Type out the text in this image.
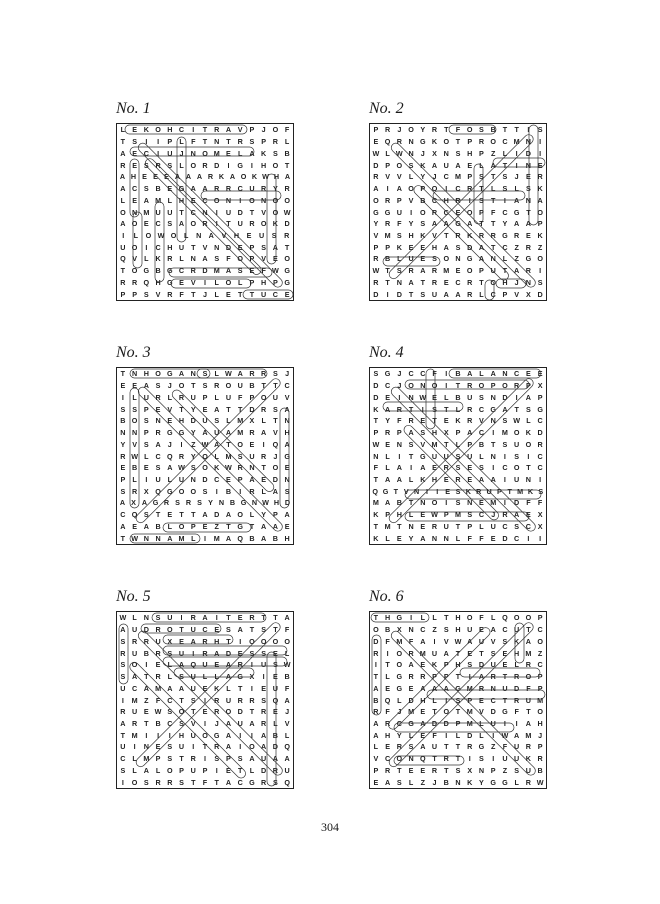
No. 1
L E K O H C	I	T R A V P	J O F
T S	I	I	P L	F	T N T R S P R L
A E C	I	U J N O M E L A K S B
R E S R S L O R D	I	G	I	H O T
A H E E E A A A R K A O K W H A
A C S B E G A A R R C U R Y R
L E A M L H E C O N	I	O N O O
O N M U U T C N	I	U D T V O W
A O E C S A O R	I	T U R O K D
I	L	O W O	L	N	A	V	H	E	U	S	R
U O	I	C H U T V N D E P S A T
Q V L K R L N A S F O P V E O
T O G B G C R D M A S E F W G
R R Q H G E V	I	L O L P H P G
P P S V R F	T	J	L E T	T U C E
No. 2
P R J O Y R T	F O S B T	T	I	S
E Q R N G K O T P R O C M N	I
W L W N J	X N S H P Z	L	I	D	I
D P O S K A U A E L A T	I	N E
R V V L Y	J C M P S T S	J	E R
A	I	A O P O	I	C R T	L S L S K
O R P V B C H R	I	S T	I	A N A
G G U	I	O R C E O P F C G T O
Y R F Y S A A G A T	T Y A A P
V M S H K V T R K R R G R E K
P P K E E H A S D A T C Z R Z
R B L U E S O N G A N L	Z G O
W T S R A R M E O P U T A R	I
R T N A T R E C R T O H J N S
D	I	D T S U A A R L C P V X D
No. 3
T N H O G A N S L W A R R S	J
E E A S	J O T S R O U B T	T C
I	L U R L R U P L U F P O U V
S S P E V T Y E A T	T D R S A
B O S N E H D U S L M X L	T N
N N P R G G Y A U A M R A V H
Y V S A J	I	Z W A T O E	I	Q A
R W L C Q R Y O L M S U R J G
E B E S A W S O K W R N T O E
P L	I	U L U N D C E P A E D N
S R X Q G O O S	I	B	I	R L A S
A X A G R S R S Y N B G N W H D
C Q S T E T	T A D A O L Y P A
A E A B L O P E Z	T G T A A E
T W N N A M L	I	M A Q B A B H
No. 4
S G J C C F	I	B A L A N C E E
D C J O N O	I	T R O P O R P X
D E	I	N W E L B U S N D	I	A P
K A R T	I	S T	L R C G A T S G
T Y F R E T E K R V N S W L C
P R P A S H X P A C	I	M O K D
W E N S V M T	L P B T S U O R
N L	I	T G U U S U L N	I	S	I	C
F	L A	I	A E R S E S	I	C O T C
T A A L K H E R E A A	I	U N	I
Q G T V N I	I E S K R U P T M K S
M A B T N O	I	S N E M	I	D F	F
K P H L E W P M S C J R A E X
T M T N E R U T P L U C S C X
K L E Y A N N L	F	F E D C	I	I
No. 5
W L N S U	I	R A	I	T E R T	T A
A U D R O T U C E S A T S T	F
S R R U X E A R H T	I	O O O O
R U B R S U	I	R A D E S S E L
S O	I	E L A Q U E A R	I	U S W
S A T R L S U L	L A G X	I	E B
U C A M A A U E K L	T	I	E U F
I	M Z	F C T S	I	R U R R S Q A
R U E W S O T E R O D T R E	J
A R T B C S V	I	J A U A R L V
T M	I	I	I	H U O G A	I	I	A B L
U	I	N E S U	I	T R A	I	O A D Q
C L M P S T R	I	S P S A U A A
S L A L O P U P	I	E T	L D R U
I	O S R R S T	F	T A C G R S Q
No. 6
T H G	I	L	L	T H O F	L Q O O P
O B X N C Z S H U E A C U T C
D F M F A	I	V W A U V S K A O
R	I	O R M U A T E T S E H M Z
I	T O A E K P H S D U E L R C
T	L G R R P P T	I	A R T R O P
A E G E A A A G M R N U D F P
B Q L D H L	I	S P E C T R U M
R F	J M E T O T M V D G F	T O
A R C G A D D P M L U	I	I	A H
A H Y L E F	I	L D L	I	W A M J
L E R S A U T	T R G Z	F U R P
V C O N Q T R T	I	S	I	U U K R
P R T E E R T S X N P Z S U B
E A S L	Z	J B N K Y G G L R W
304
